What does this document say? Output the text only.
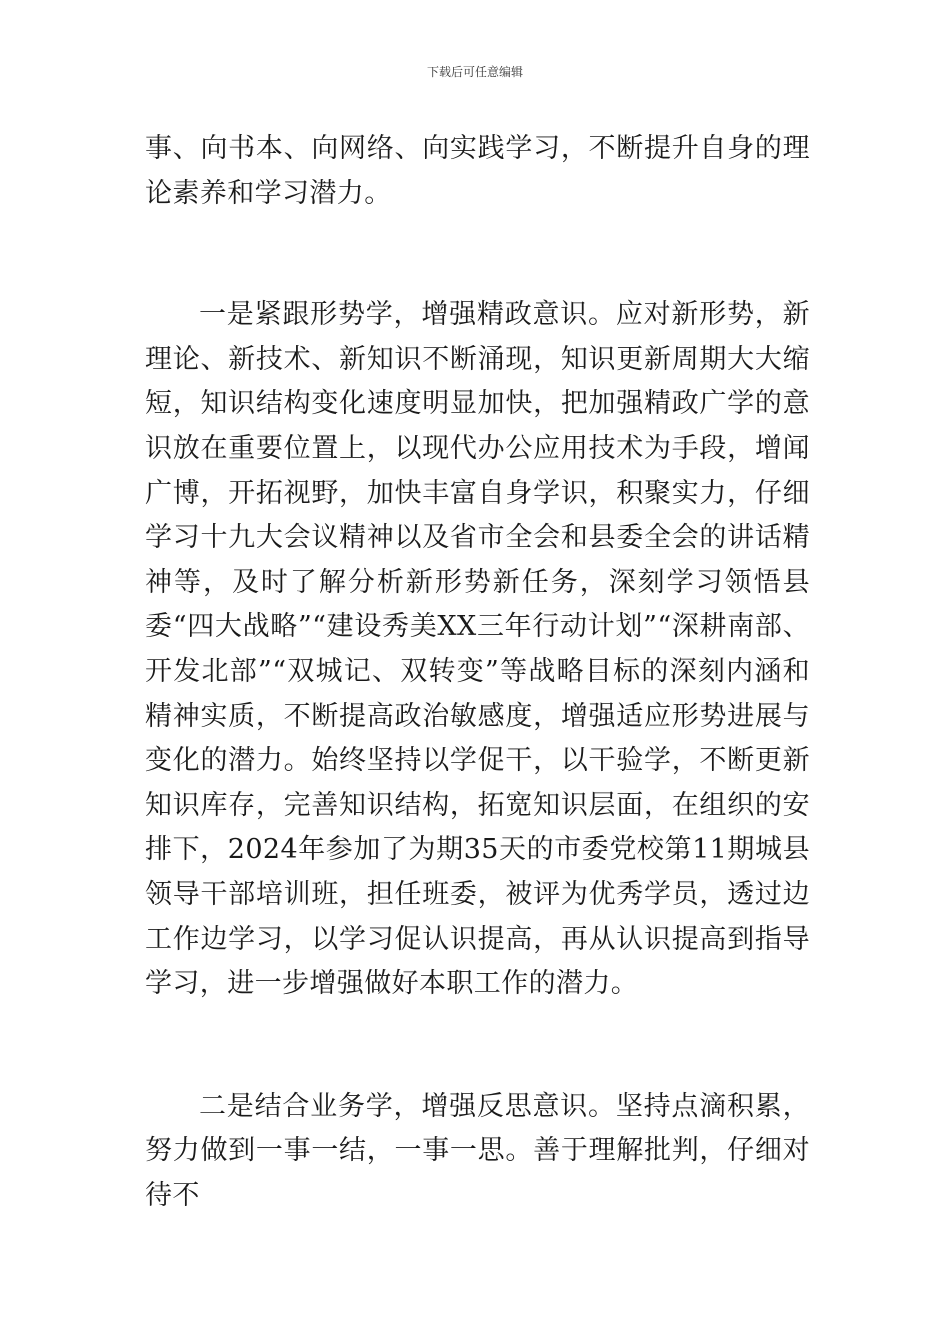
下载后可任意编辑

事、向书本、向网络、向实践学习，不断提升自身的理论素养和学习潜力。

一是紧跟形势学，增强精政意识。应对新形势，新理论、新技术、新知识不断涌现，知识更新周期大大缩短，知识结构变化速度明显加快，把加强精政广学的意识放在重要位置上，以现代办公应用技术为手段，增闻广博，开拓视野，加快丰富自身学识，积聚实力，仔细学习十九大会议精神以及省市全会和县委全会的讲话精神等，及时了解分析新形势新任务，深刻学习领悟县委“四大战略”“建设秀美XX三年行动计划”“深耕南部、开发北部”“双城记、双转变”等战略目标的深刻内涵和精神实质，不断提高政治敏感度，增强适应形势进展与变化的潜力。始终坚持以学促干，以干验学，不断更新知识库存，完善知识结构，拓宽知识层面，在组织的安排下，2024年参加了为期35天的市委党校第11期城县领导干部培训班，担任班委，被评为优秀学员，透过边工作边学习，以学习促认识提高，再从认识提高到指导学习，进一步增强做好本职工作的潜力。

二是结合业务学，增强反思意识。坚持点滴积累，努力做到一事一结，一事一思。善于理解批判，仔细对待不
